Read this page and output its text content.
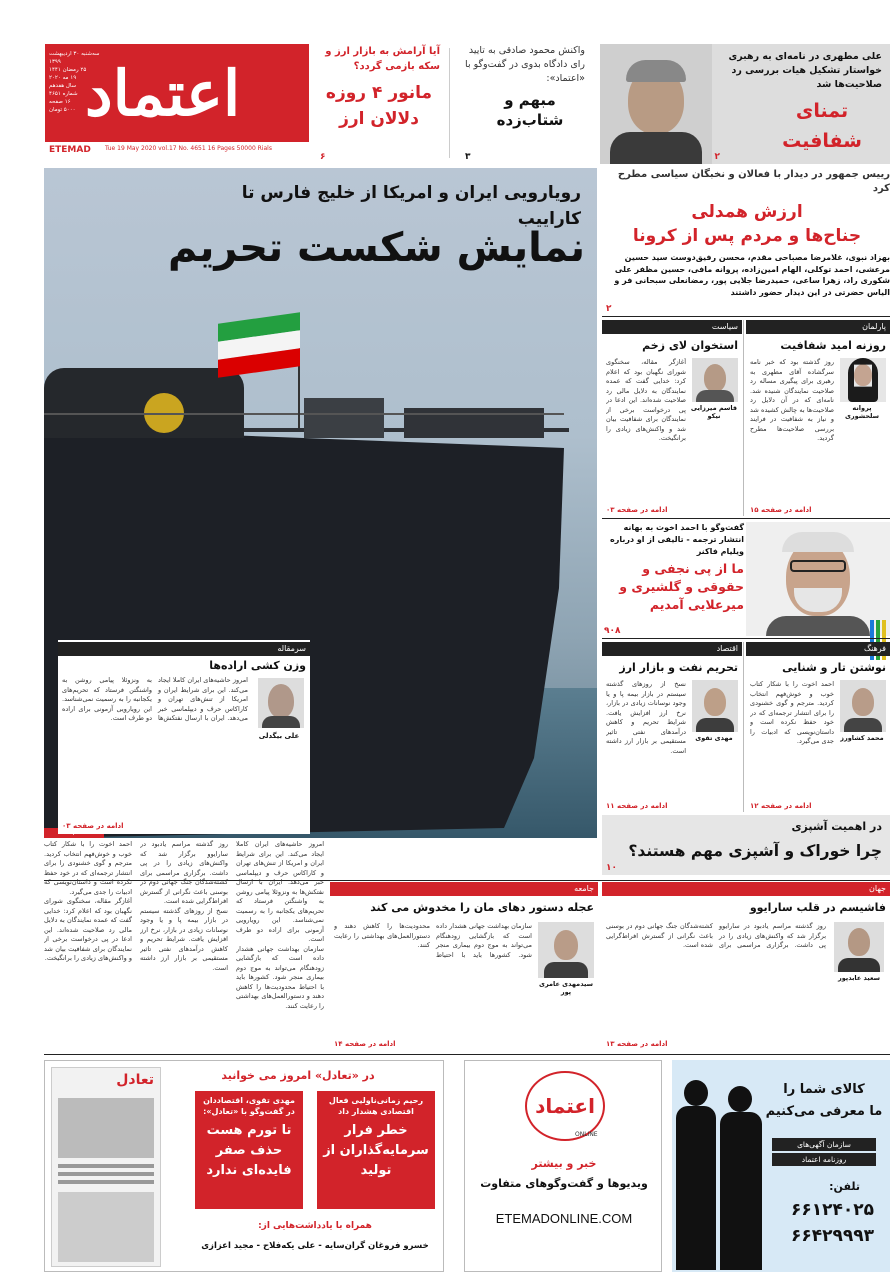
اعتماد
سه‌شنبه ۳۰ اردیبهشت ۱۳۹۹
۲۵ رمضان ۱۴۴۱
۱۹ مه ۲۰۲۰
سال هفدهم
شماره ۴۶۵۱
۱۶ صفحه
۵۰۰۰ تومان
Tue 19 May 2020 vol.17 No. 4651 16 Pages 50000 Rials
ETEMAD
آیا آرامش به بازار ارز و سکه بازمی گردد؟
مانور ۴ روزه دلالان ارز
۶
واکنش محمود صادقی به تایید رای دادگاه بدوی در گفت‌وگو با «اعتماد»:
مبهم و شتاب‌زده
۳
علی مطهری در نامه‌ای به رهبری خواستار تشکیل هیات بررسی رد صلاحیت‌ها شد
تمنای شفافیت
۲
رویارویی ایران و امریکا از خلیج فارس تا کاراییب
نمایش شکست تحریم
سرمقاله
وزن کشی اراده‌ها
علی بیگدلی
امروز حاشیه‌های ایران کاملا ایجاد می‌کند. این برای شرایط ایران و امریکا از تنش‌های تهران و کاراکاس حرف و دیپلماسی خبر می‌دهد. ایران با ارسال نفتکش‌ها به ونزوئلا پیامی روشن به واشنگتن فرستاد که تحریم‌های یکجانبه را به رسمیت نمی‌شناسد. این رویارویی آزمونی برای اراده دو طرف است.
ادامه در صفحه ۰۳
رییس جمهور در دیدار با فعالان و نخبگان سیاسی مطرح کرد
ارزش همدلی
جناح‌ها و مردم پس از کرونا
بهزاد نبوی، غلامرضا مصباحی مقدم، محسن رفیق‌دوست سید حسین مرعشی، احمد توکلی، الهام امین‌زاده، پروانه مافی، حسین مظفر علی شکوری راد، زهرا ساعی، حمیدرضا جلایی پور، رمضانعلی سبحانی فر و الیاس حضرتی در این دیدار حضور داشتند
۲
پارلمان
روزنه امید شفافیت
پروانه سلحشوری
روز گذشته بود که خبر نامه سرگشاده آقای مطهری به رهبری برای پیگیری مساله رد صلاحیت نمایندگان شنیده شد. نامه‌ای که در آن دلایل رد صلاحیت‌ها به چالش کشیده شد و نیاز به شفافیت در فرایند بررسی صلاحیت‌ها مطرح گردید.
ادامه در صفحه ۱۵
سیاست
استخوان لای زخم
قاسم میرزایی نیکو
آغازگر مقاله، سخنگوی شورای نگهبان بود که اعلام کرد: خدایی گفت که عمده نمایندگان به دلایل مالی رد صلاحیت شده‌اند. این ادعا در پی درخواست برخی از نمایندگان برای شفافیت بیان شد و واکنش‌های زیادی را برانگیخت.
ادامه در صفحه ۰۳
گفت‌وگو با احمد اخوت به بهانه انتشار ترجمه - تالیفی از او درباره ویلیام فاکنر
ما از پی نجفی و حقوقی و گلشیری و میرعلایی آمدیم
۹۰۸
فرهنگ
نوشتن تار و شنایی
محمد کشاورز
احمد اخوت را با شکار کتاب خوب و خوش‌فهم انتخاب کردید. مترجم و گوی خشنودی را برای انتشار ترجمه‌ای که در خود حفظ نکرده است و داستان‌نویسی که ادبیات را جدی می‌گیرد.
ادامه در صفحه ۱۲
اقتصاد
تحریم نفت و بازار ارز
مهدی تقوی
نسخ از روزهای گذشته سیستم در بازار بیمه پا و یا وجود نوسانات زیادی در بازار، نرخ ارز افزایش یافت. شرایط تحریم و کاهش درآمدهای نفتی تاثیر مستقیمی بر بازار ارز داشته است.
ادامه در صفحه ۱۱
در اهمیت آشپزی
چرا خوراک و آشپزی مهم هستند؟
۱۰
امروز حاشیه‌های ایران کاملا ایجاد می‌کند. این برای شرایط ایران و امریکا از تنش‌های تهران و کاراکاس حرف و دیپلماسی خبر می‌دهد. ایران با ارسال نفتکش‌ها به ونزوئلا پیامی روشن به واشنگتن فرستاد که تحریم‌های یکجانبه را به رسمیت نمی‌شناسد. این رویارویی آزمونی برای اراده دو طرف است.
سازمان بهداشت جهانی هشدار داده است که بازگشایی زودهنگام می‌تواند به موج دوم بیماری منجر شود. کشورها باید با احتیاط محدودیت‌ها را کاهش دهند و دستورالعمل‌های بهداشتی را رعایت کنند.
روز گذشته مراسم یادبود در سارایوو برگزار شد که واکنش‌های زیادی را در پی داشت. برگزاری مراسمی برای کشته‌شدگان جنگ جهانی دوم در بوسنی باعث نگرانی از گسترش افراط‌گرایی شده است.
نسخ از روزهای گذشته سیستم در بازار بیمه پا و یا وجود نوسانات زیادی در بازار، نرخ ارز افزایش یافت. شرایط تحریم و کاهش درآمدهای نفتی تاثیر مستقیمی بر بازار ارز داشته است.
احمد اخوت را با شکار کتاب خوب و خوش‌فهم انتخاب کردید. مترجم و گوی خشنودی را برای انتشار ترجمه‌ای که در خود حفظ نکرده است و داستان‌نویسی که ادبیات را جدی می‌گیرد.
آغازگر مقاله، سخنگوی شورای نگهبان بود که اعلام کرد: خدایی گفت که عمده نمایندگان به دلایل مالی رد صلاحیت شده‌اند. این ادعا در پی درخواست برخی از نمایندگان برای شفافیت بیان شد و واکنش‌های زیادی را برانگیخت.
جامعه
عجله دستور دهای مان را مخدوش می کند
سیدمهدی عامری پور
سازمان بهداشت جهانی هشدار داده است که بازگشایی زودهنگام می‌تواند به موج دوم بیماری منجر شود. کشورها باید با احتیاط محدودیت‌ها را کاهش دهند و دستورالعمل‌های بهداشتی را رعایت کنند.
ادامه در صفحه ۱۴
جهان
فاشیسم در قلب سارایوو
سعید عابدپور
روز گذشته مراسم یادبود در سارایوو برگزار شد که واکنش‌های زیادی را در پی داشت. برگزاری مراسمی برای کشته‌شدگان جنگ جهانی دوم در بوسنی باعث نگرانی از گسترش افراط‌گرایی شده است.
ادامه در صفحه ۱۳
تعادل	در «تعادل» امروز می خوانید
مهدی تقوی، اقتصاددان در گفت‌وگو با «تعادل»:
تا تورم هست حذف صفر فایده‌ای ندارد
رحیم زمانی‌ناولیی فعال اقتصادی هشدار داد
خطر فرار سرمایه‌گذاران از تولید
همراه با یادداشت‌هایی از:
خسرو فروغان گران‌سایه - علی یکه‌فلاح - مجید اعزازی
اعتماد
ONLINE
خبر و بیشتر
ویدیوها و گفت‌وگوهای متفاوت
ETEMADONLINE.COM
کالای شما را
ما معرفی می‌کنیم
سازمان آگهی‌های
روزنامه اعتماد
تلفن:
۶۶۱۲۴۰۲۵
۶۶۴۲۹۹۹۳
